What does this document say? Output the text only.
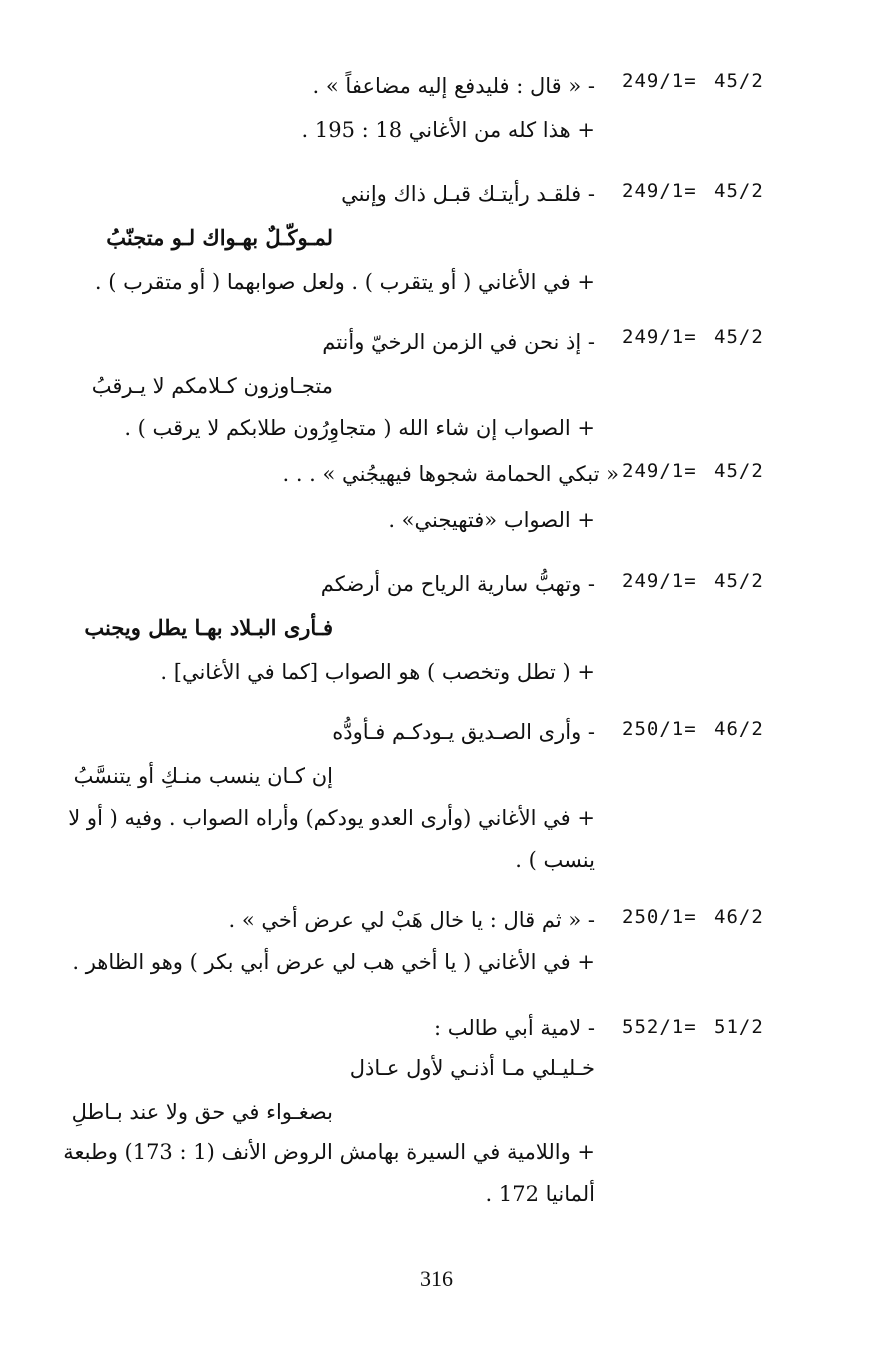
249/1= 45/2
- « قال : فليدفع إليه مضاعفاً » .
+ هذا كله من الأغاني 18 : 195 .
249/1= 45/2
- فلقـد رأيتـك قبـل ذاك وإنني
لمـوكّـلٌ بهـواك لـو متجنّبُ
+ في الأغاني ( أو يتقرب ) . ولعل صوابهما ( أو متقرب ) .
249/1= 45/2
- إذ نحن في الزمن الرخيّ وأنتم
متجـاوزون كـلامكم لا يـرقبُ
+ الصواب إن شاء الله ( متجاوِرُون طلابكم لا يرقب ) .
249/1= 45/2
« تبكي الحمامة شجوها فيهيجُني » . . .
+ الصواب «فتهيجني» .
249/1= 45/2
- وتهبُّ سارية الرياح من أرضكم
فـأرى البـلاد بهـا يطل ويجنب
+ ( تطل وتخصب ) هو الصواب [كما في الأغاني] .
250/1= 46/2
- وأرى الصـديق يـودكـم فـأودُّه
إن كـان ينسب منـكِ أو يتنسَّبُ
+ في الأغاني (وأرى العدو يودكم) وأراه الصواب . وفيه ( أو لا
ينسب ) .
250/1= 46/2
- « ثم قال : يا خال هَبْ لي عرض أخي » .
+ في الأغاني ( يا أخي هب لي عرض أبي بكر ) وهو الظاهر .
552/1= 51/2
- لامية أبي طالب :
خـليـلي مـا أذنـي لأول عـاذل
بصغـواء في حق ولا عند بـاطلِ
+ واللامية في السيرة بهامش الروض الأنف (1 : 173) وطبعة
ألمانيا 172 .
316
